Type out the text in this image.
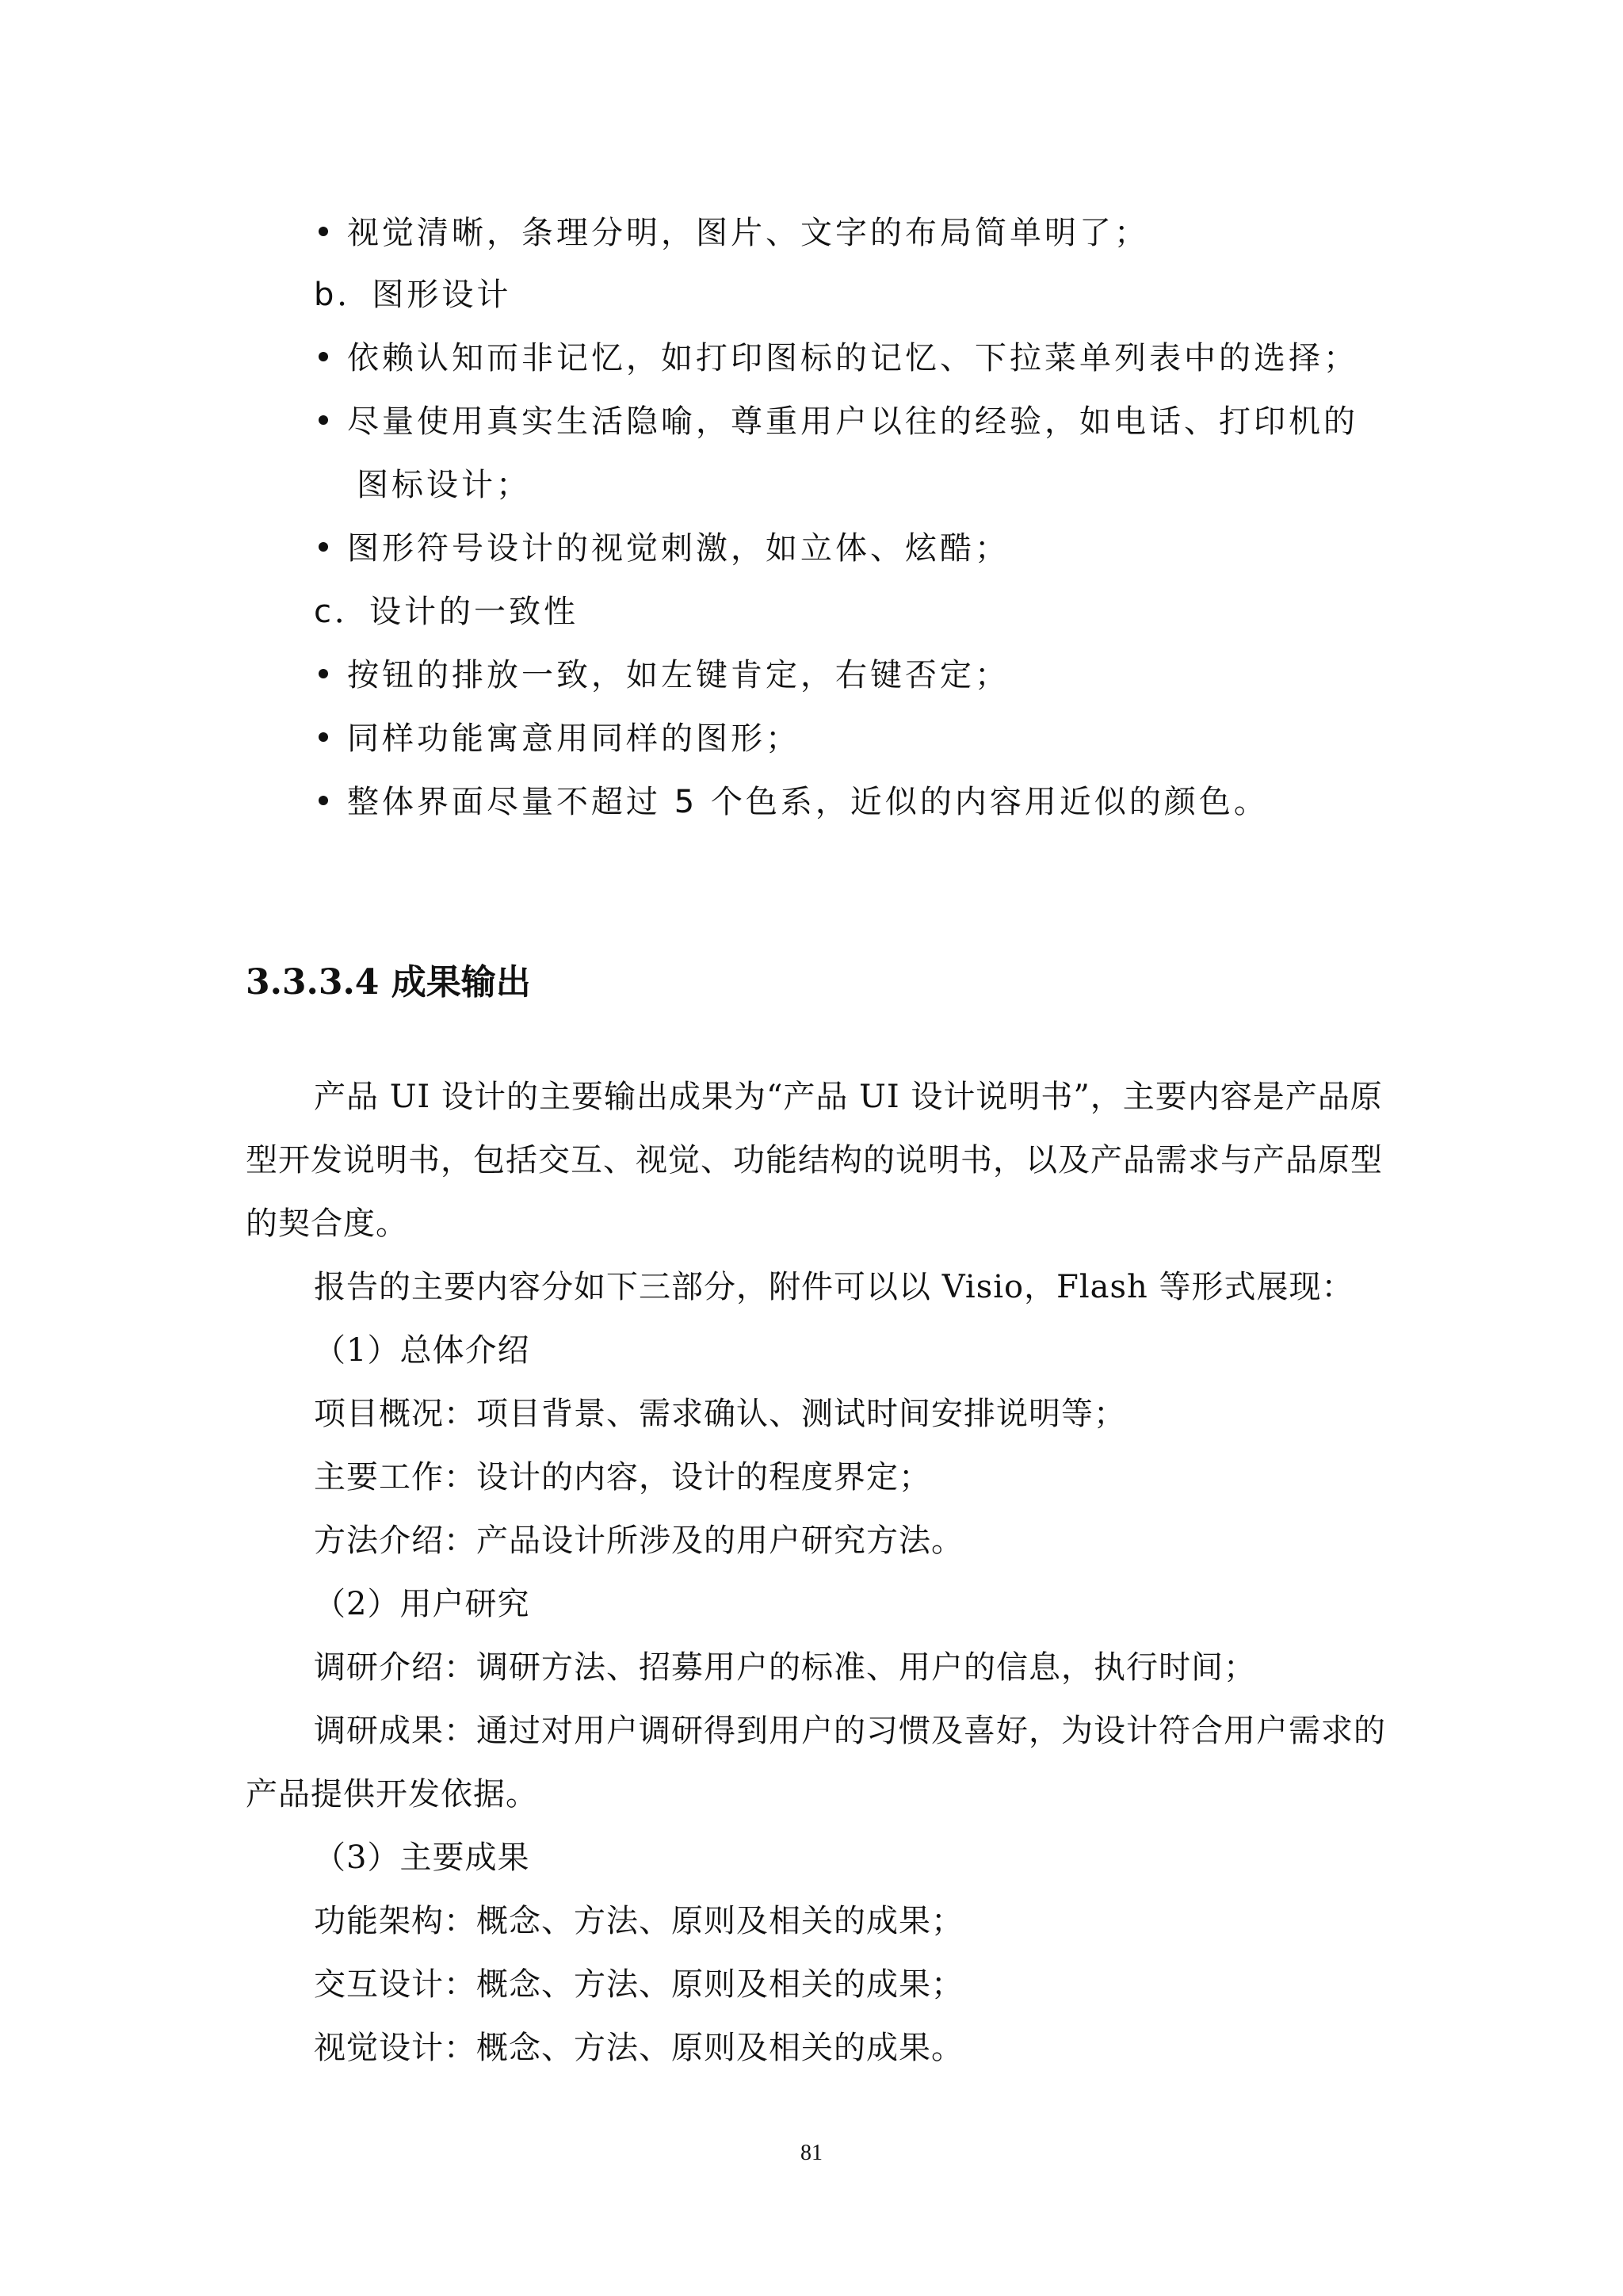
视觉清晰，条理分明，图片、文字的布局简单明了；
b．图形设计
依赖认知而非记忆，如打印图标的记忆、下拉菜单列表中的选择；
尽量使用真实生活隐喻，尊重用户以往的经验，如电话、打印机的
图标设计；
图形符号设计的视觉刺激，如立体、炫酷；
c．设计的一致性
按钮的排放一致，如左键肯定，右键否定；
同样功能寓意用同样的图形；
整体界面尽量不超过 5 个色系，近似的内容用近似的颜色。
3.3.3.4 成果输出
产品 UI 设计的主要输出成果为“产品 UI 设计说明书”，主要内容是产品原
型开发说明书，包括交互、视觉、功能结构的说明书，以及产品需求与产品原型
的契合度。
报告的主要内容分如下三部分，附件可以以 Visio，Flash 等形式展现：
（1）总体介绍
项目概况：项目背景、需求确认、测试时间安排说明等；
主要工作：设计的内容，设计的程度界定；
方法介绍：产品设计所涉及的用户研究方法。
（2）用户研究
调研介绍：调研方法、招募用户的标准、用户的信息，执行时间；
调研成果：通过对用户调研得到用户的习惯及喜好，为设计符合用户需求的
产品提供开发依据。
（3）主要成果
功能架构：概念、方法、原则及相关的成果；
交互设计：概念、方法、原则及相关的成果；
视觉设计：概念、方法、原则及相关的成果。
81
